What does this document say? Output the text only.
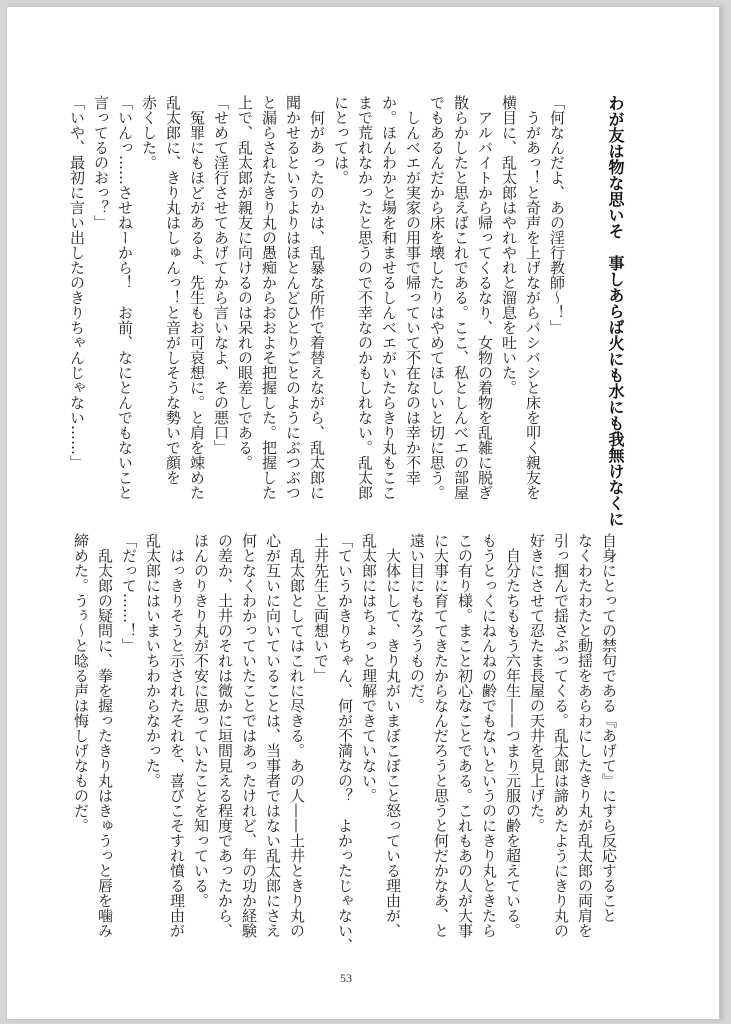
わが友は物な思いそ　事しあらば火にも水にも我無けなくに
「何なんだよ、あの淫行教師〜！」
　うがあっ！と奇声を上げながらバシバシと床を叩く親友を
横目に、乱太郎はやれやれと溜息を吐いた。
　アルバイトから帰ってくるなり、女物の着物を乱雑に脱ぎ
散らかしたと思えばこれである。ここ、私としんべエの部屋
でもあるんだから床を壊したりはやめてほしいと切に思う。
　しんべエが実家の用事で帰っていて不在なのは幸か不幸
か。ほんわかと場を和ませるしんべエがいたらきり丸もここ
まで荒れなかったと思うので不幸なのかもしれない。乱太郎
にとっては。
　何があったのかは、乱暴な所作で着替えながら、乱太郎に
聞かせるというよりはほとんどひとりごとのようにぶつぶつ
と漏らされたきり丸の愚痴からおおよそ把握した。把握した
上で、乱太郎が親友に向けるのは呆れの眼差しである。
「せめて淫行させてあげてから言いなよ、その悪口」
　冤罪にもほどがあるよ、先生もお可哀想に。と肩を竦めた
乱太郎に、きり丸はしゅんっ！と音がしそうな勢いで顔を
赤くした。
「いんっ……させねーから！　お前、なにとんでもないこと
言ってるのおっ？」
「いや、最初に言い出したのきりちゃんじゃない……」
自身にとっての禁句である『あげて』にすら反応すること
なくわたわたと動揺をあらわにしたきり丸が乱太郎の両肩を
引っ掴んで揺さぶってくる。乱太郎は諦めたようにきり丸の
好きにさせて忍たま長屋の天井を見上げた。
　自分たちももう六年生——つまり元服の齢を超えている。
もうとっくにねんねの齢でもないというのにきり丸ときたら
この有り様。まこと初心なことである。これもあの人が大事
に大事に育ててきたからなんだろうと思うと何だかなあ、と
遠い目にもなろうものだ。
　大体にして、きり丸がいまぼこぼこと怒っている理由が、
乱太郎にはちょっと理解できていない。
「ていうかきりちゃん、何が不満なの？　よかったじゃない、
土井先生と両想いで」
　乱太郎としてはこれに尽きる。あの人——土井ときり丸の
心が互いに向いていることは、当事者ではない乱太郎にさえ
何となくわかっていたことではあったけれど、年の功か経験
の差か、土井のそれは微かに垣間見える程度であったから、
ほんのりきり丸が不安に思っていたことを知っている。
　はっきりそうと示されたそれを、喜びこそすれ憤る理由が
乱太郎にはいまいちわからなかった。
「だって……！」
　乱太郎の疑問に、拳を握ったきり丸はきゅうっと唇を噛み
締めた。うぅ〜と唸る声は悔しげなものだ。
53
